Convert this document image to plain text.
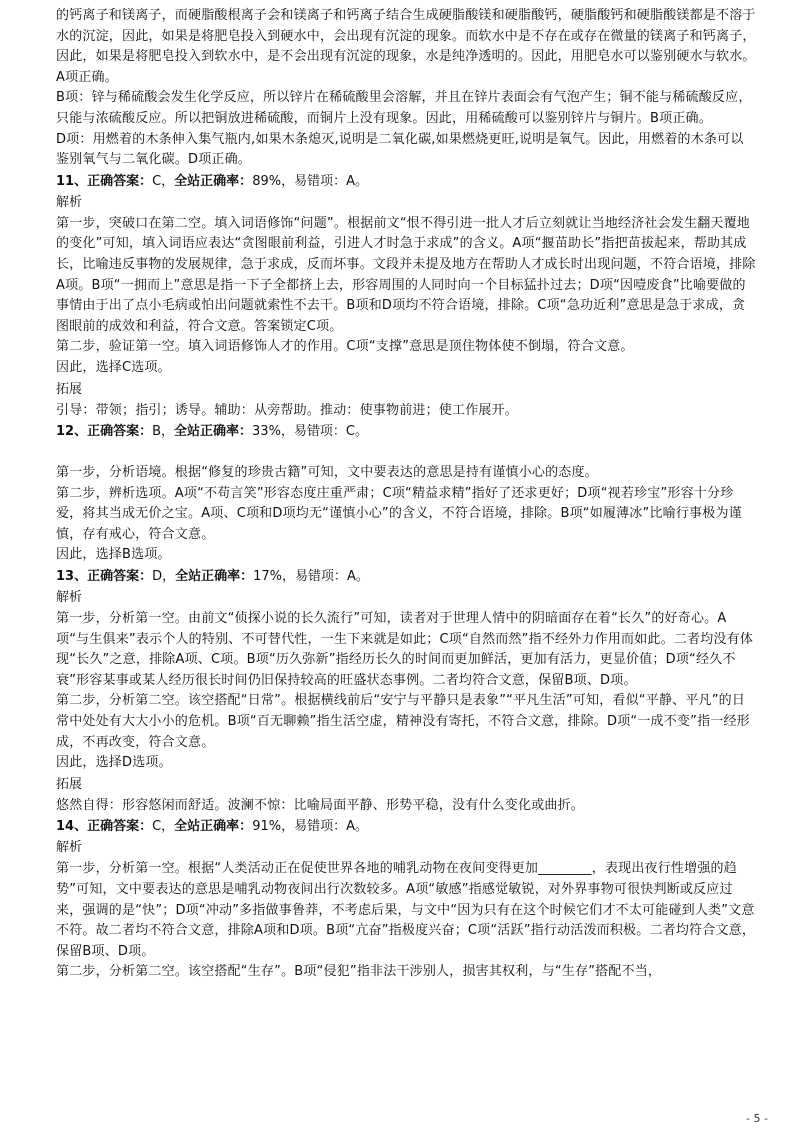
的钙离子和镁离子，而硬脂酸根离子会和镁离子和钙离子结合生成硬脂酸镁和硬脂酸钙，硬脂酸钙和硬脂酸镁都是不溶于水的沉淀，因此，如果是将肥皂投入到硬水中，会出现有沉淀的现象。而软水中是不存在或存在微量的镁离子和钙离子，因此，如果是将肥皂投入到软水中，是不会出现有沉淀的现象，水是纯净透明的。因此，用肥皂水可以鉴别硬水与软水。A项正确。

B项：锌与稀硫酸会发生化学反应，所以锌片在稀硫酸里会溶解，并且在锌片表面会有气泡产生；铜不能与稀硫酸反应，只能与浓硫酸反应。所以把铜放进稀硫酸，而铜片上没有现象。因此，用稀硫酸可以鉴别锌片与铜片。B项正确。

D项：用燃着的木条伸入集气瓶内,如果木条熄灭,说明是二氧化碳,如果燃烧更旺,说明是氧气。因此，用燃着的木条可以鉴别氧气与二氧化碳。D项正确。

11、正确答案：C，全站正确率：89%，易错项：A。

解析

第一步，突破口在第二空。填入词语修饰“问题”。根据前文“恨不得引进一批人才后立刻就让当地经济社会发生翻天覆地的变化”可知，填入词语应表达“贪图眼前利益，引进人才时急于求成”的含义。A项“揠苗助长”指把苗拔起来，帮助其成长，比喻违反事物的发展规律，急于求成，反而坏事。文段并未提及地方在帮助人才成长时出现问题，不符合语境，排除A项。B项“一拥而上”意思是指一下子全都挤上去，形容周围的人同时向一个目标猛扑过去；D项“因噎废食”比喻要做的事情由于出了点小毛病或怕出问题就索性不去干。B项和D项均不符合语境，排除。C项“急功近利”意思是急于求成，贪图眼前的成效和利益，符合文意。答案锁定C项。

第二步，验证第一空。填入词语修饰人才的作用。C项“支撑”意思是顶住物体使不倒塌，符合文意。

因此，选择C选项。

拓展

引导：带领；指引；诱导。辅助：从旁帮助。推动：使事物前进；使工作展开。

12、正确答案：B，全站正确率：33%，易错项：C。

第一步，分析语境。根据“修复的珍贵古籍”可知，文中要表达的意思是持有谨慎小心的态度。

第二步，辨析选项。A项“不苟言笑”形容态度庄重严肃；C项“精益求精”指好了还求更好；D项“视若珍宝”形容十分珍爱，将其当成无价之宝。A项、C项和D项均无“谨慎小心”的含义，不符合语境，排除。B项“如履薄冰”比喻行事极为谨慎，存有戒心，符合文意。

因此，选择B选项。

13、正确答案：D，全站正确率：17%，易错项：A。

解析

第一步，分析第一空。由前文“侦探小说的长久流行”可知，读者对于世理人情中的阴暗面存在着“长久”的好奇心。A项“与生俱来”表示个人的特别、不可替代性，一生下来就是如此；C项“自然而然”指不经外力作用而如此。二者均没有体现“长久”之意，排除A项、C项。B项“历久弥新”指经历长久的时间而更加鲜活，更加有活力，更显价值；D项“经久不衰”形容某事或某人经历很长时间仍旧保持较高的旺盛状态事例。二者均符合文意，保留B项、D项。

第二步，分析第二空。该空搭配“日常”。根据横线前后“安宁与平静只是表象”“平凡生活”可知，看似“平静、平凡”的日常中处处有大大小小的危机。B项“百无聊赖”指生活空虚，精神没有寄托，不符合文意，排除。D项“一成不变”指一经形成，不再改变，符合文意。

因此，选择D选项。

拓展

悠然自得：形容悠闲而舒适。波澜不惊：比喻局面平静、形势平稳，没有什么变化或曲折。

14、正确答案：C，全站正确率：91%，易错项：A。

解析

第一步，分析第一空。根据“人类活动正在促使世界各地的哺乳动物在夜间变得更加________，表现出夜行性增强的趋势”可知，文中要表达的意思是哺乳动物夜间出行次数较多。A项“敏感”指感觉敏锐，对外界事物可很快判断或反应过来，强调的是“快”；D项“冲动”多指做事鲁莽，不考虑后果，与文中“因为只有在这个时候它们才不太可能碰到人类”文意不符。故二者均不符合文意，排除A项和D项。B项“亢奋”指极度兴奋；C项“活跃”指行动活泼而积极。二者均符合文意，保留B项、D项。

第二步，分析第二空。该空搭配“生存”。B项“侵犯”指非法干涉别人，损害其权利，与“生存”搭配不当，

- 5 -
